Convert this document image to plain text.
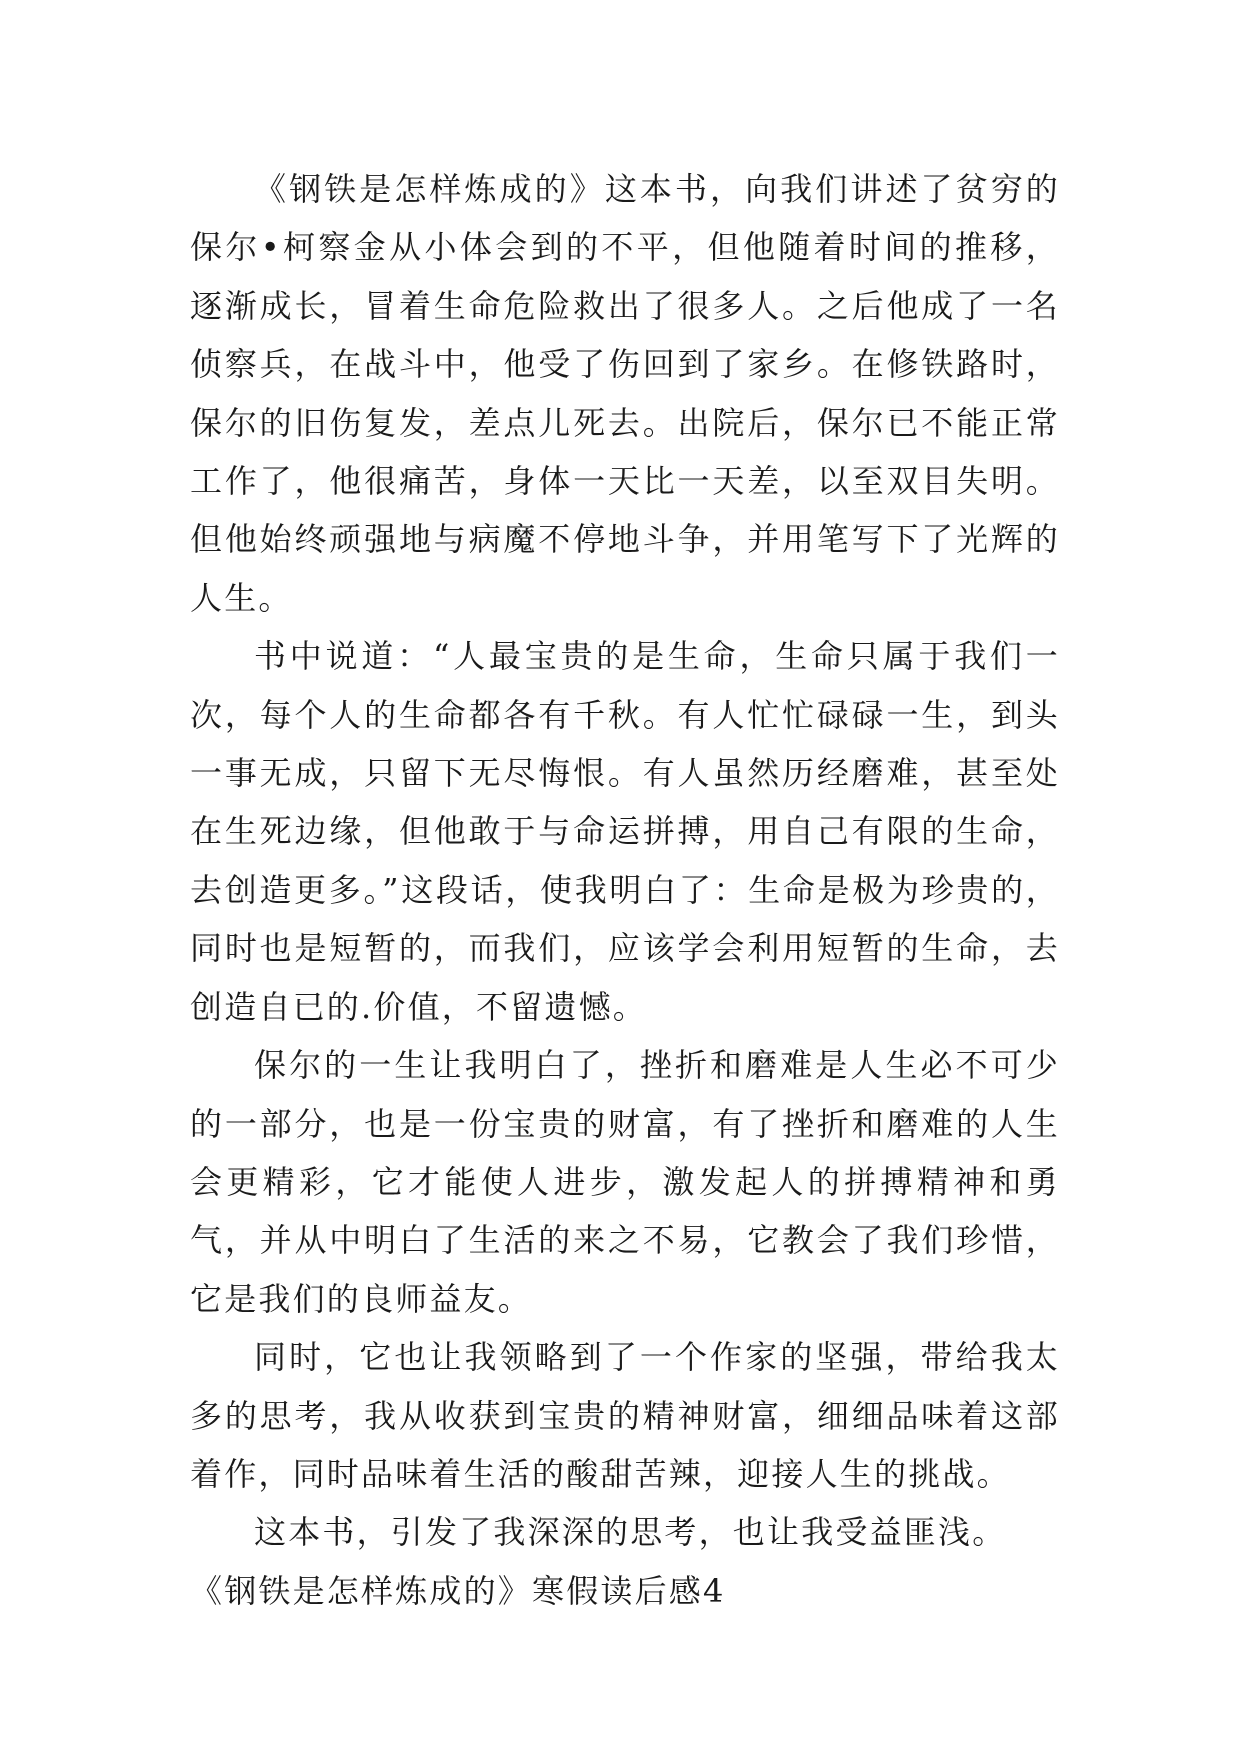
《钢铁是怎样炼成的》这本书，向我们讲述了贫穷的保尔•柯察金从小体会到的不平，但他随着时间的推移，逐渐成长，冒着生命危险救出了很多人。之后他成了一名侦察兵，在战斗中，他受了伤回到了家乡。在修铁路时，保尔的旧伤复发，差点儿死去。出院后，保尔已不能正常工作了，他很痛苦，身体一天比一天差，以至双目失明。但他始终顽强地与病魔不停地斗争，并用笔写下了光辉的人生。

书中说道：“人最宝贵的是生命，生命只属于我们一次，每个人的生命都各有千秋。有人忙忙碌碌一生，到头一事无成，只留下无尽悔恨。有人虽然历经磨难，甚至处在生死边缘，但他敢于与命运拼搏，用自己有限的生命，去创造更多。”这段话，使我明白了：生命是极为珍贵的，同时也是短暂的，而我们，应该学会利用短暂的生命，去创造自已的.价值，不留遗憾。

保尔的一生让我明白了，挫折和磨难是人生必不可少的一部分，也是一份宝贵的财富，有了挫折和磨难的人生会更精彩，它才能使人进步，激发起人的拼搏精神和勇气，并从中明白了生活的来之不易，它教会了我们珍惜，它是我们的良师益友。

同时，它也让我领略到了一个作家的坚强，带给我太多的思考，我从收获到宝贵的精神财富，细细品味着这部着作，同时品味着生活的酸甜苦辣，迎接人生的挑战。

这本书，引发了我深深的思考，也让我受益匪浅。

《钢铁是怎样炼成的》寒假读后感4
